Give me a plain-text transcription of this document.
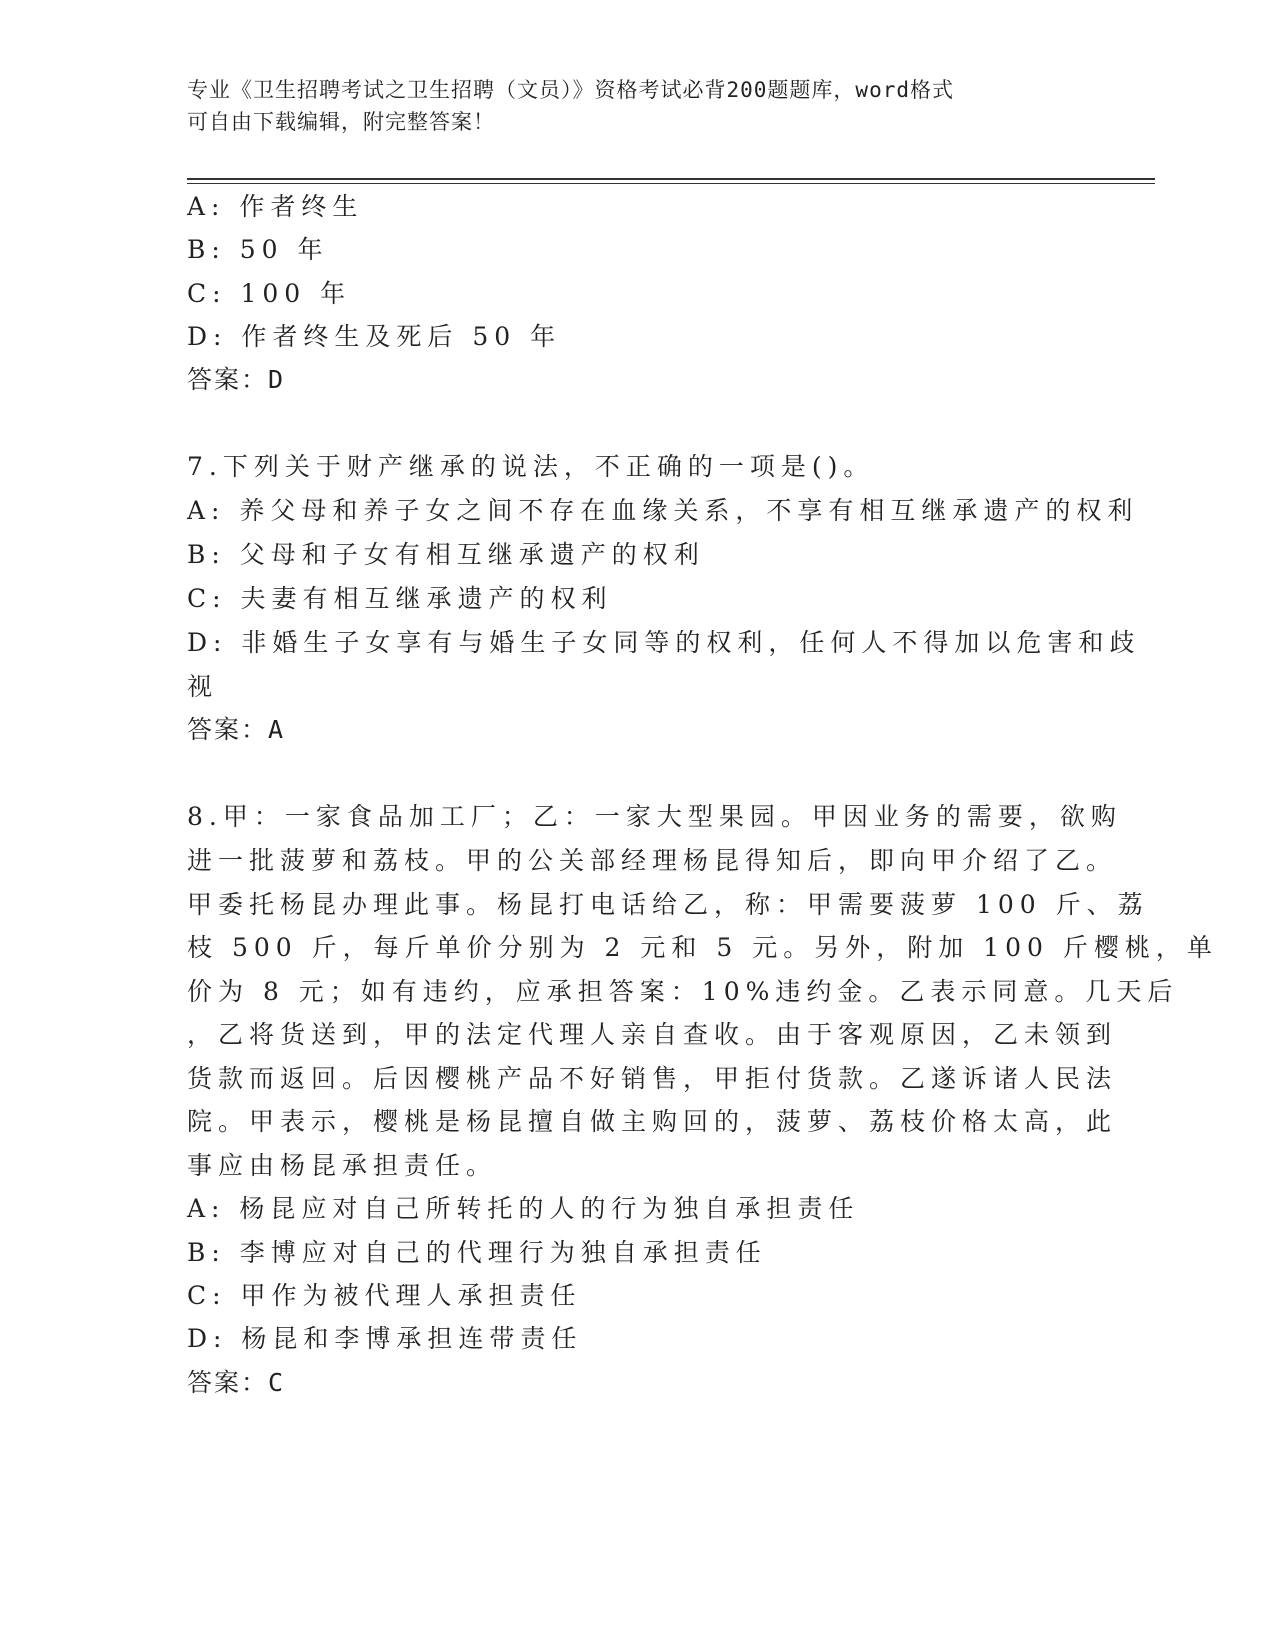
专业《卫生招聘考试之卫生招聘（文员）》资格考试必背200题题库，word格式
可自由下载编辑，附完整答案！
A: 作者终生
B: 50 年
C: 100 年
D: 作者终生及死后 50 年
答案：D
7.下列关于财产继承的说法，不正确的一项是()。
A: 养父母和养子女之间不存在血缘关系，不享有相互继承遗产的权利
B: 父母和子女有相互继承遗产的权利
C: 夫妻有相互继承遗产的权利
D: 非婚生子女享有与婚生子女同等的权利，任何人不得加以危害和歧
视
答案：A
8.甲：一家食品加工厂；乙：一家大型果园。甲因业务的需要，欲购
进一批菠萝和荔枝。甲的公关部经理杨昆得知后，即向甲介绍了乙。
甲委托杨昆办理此事。杨昆打电话给乙，称：甲需要菠萝 100 斤、荔
枝 500 斤，每斤单价分别为 2 元和 5 元。另外，附加 100 斤樱桃，单
价为 8 元；如有违约，应承担答案：10%违约金。乙表示同意。几天后
，乙将货送到，甲的法定代理人亲自查收。由于客观原因，乙未领到
货款而返回。后因樱桃产品不好销售，甲拒付货款。乙遂诉诸人民法
院。甲表示，樱桃是杨昆擅自做主购回的，菠萝、荔枝价格太高，此
事应由杨昆承担责任。
A: 杨昆应对自己所转托的人的行为独自承担责任
B: 李博应对自己的代理行为独自承担责任
C: 甲作为被代理人承担责任
D: 杨昆和李博承担连带责任
答案：C
